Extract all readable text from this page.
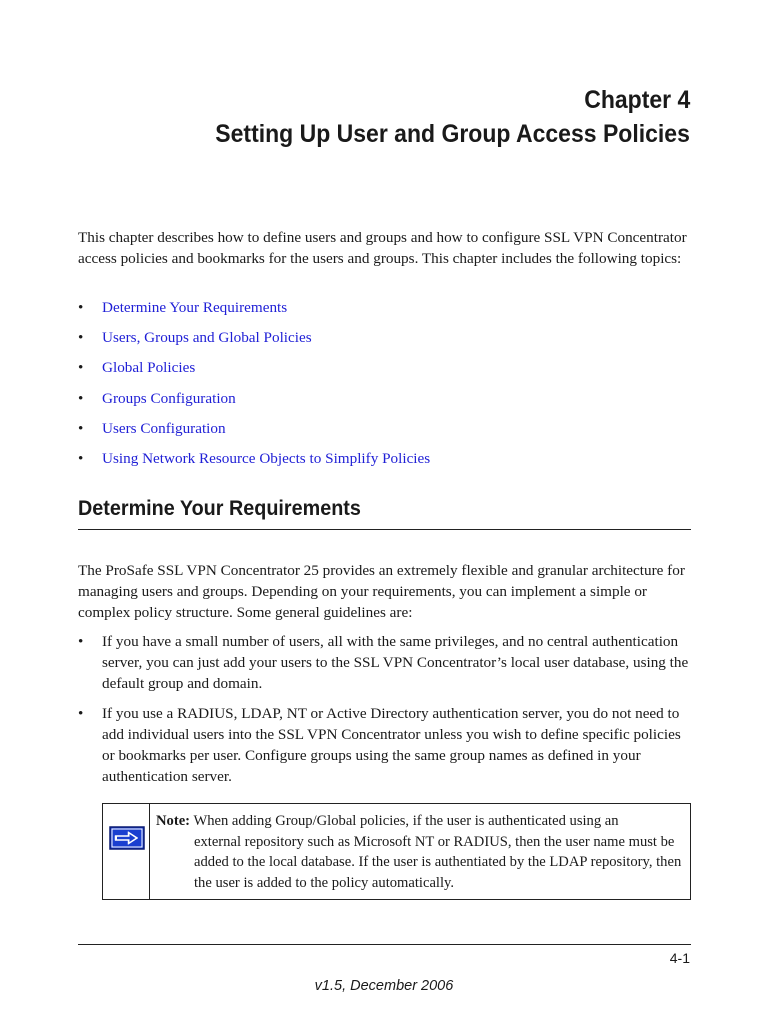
Chapter 4
Setting Up User and Group Access Policies

This chapter describes how to define users and groups and how to configure SSL VPN Concentrator access policies and bookmarks for the users and groups. This chapter includes the following topics:

•	Determine Your Requirements
•	Users, Groups and Global Policies
•	Global Policies
•	Groups Configuration
•	Users Configuration
•	Using Network Resource Objects to Simplify Policies
Determine Your Requirements

The ProSafe SSL VPN Concentrator 25 provides an extremely flexible and granular architecture for managing users and groups. Depending on your requirements, you can implement a simple or complex policy structure. Some general guidelines are:

•	If you have a small number of users, all with the same privileges, and no central authentication server, you can just add your users to the SSL VPN Concentrator’s local user database, using the default group and domain.
•	If you use a RADIUS, LDAP, NT or Active Directory authentication server, you do not need to add individual users into the SSL VPN Concentrator unless you wish to define specific policies or bookmarks per user. Configure groups using the same group names as defined in your authentication server.
Note: When adding Group/Global policies, if the user is authenticated using an
external repository such as Microsoft NT or RADIUS, then the user name must be added to the local database. If the user is authentiated by the LDAP repository, then the user is added to the policy automatically.
4-1
v1.5, December 2006
